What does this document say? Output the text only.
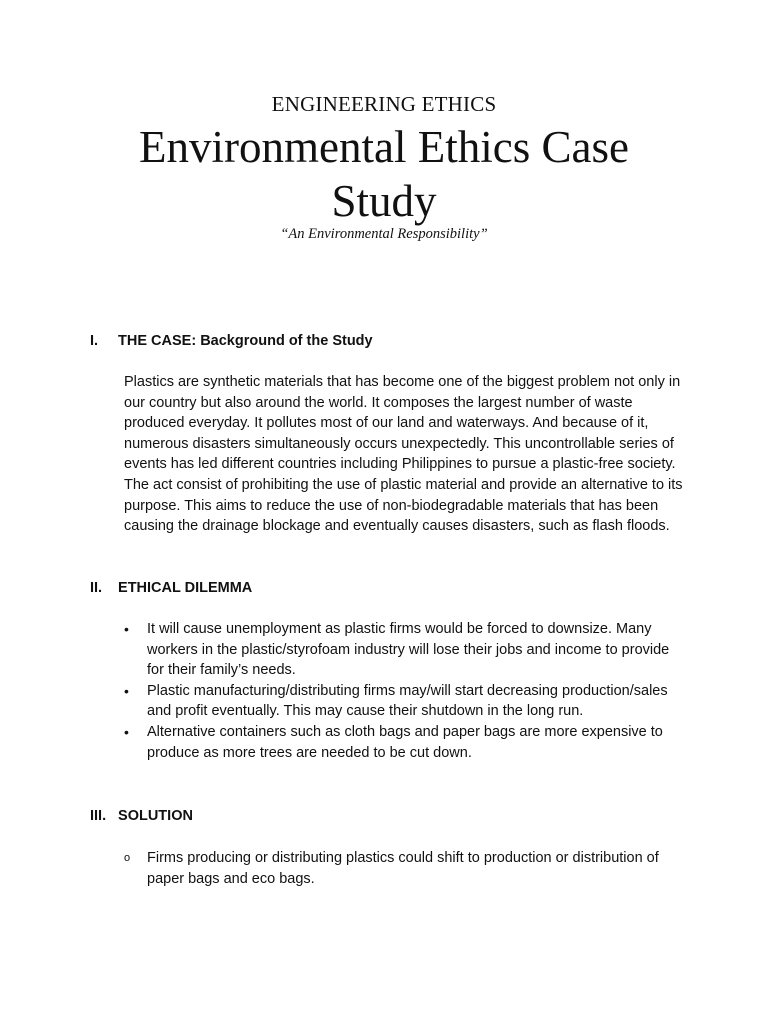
ENGINEERING ETHICS
Environmental Ethics Case
Study
“An Environmental Responsibility”
I. THE CASE: Background of the Study

Plastics are synthetic materials that has become one of the biggest problem not only in our country but also around the world. It composes the largest number of waste produced everyday. It pollutes most of our land and waterways. And because of it, numerous disasters simultaneously occurs unexpectedly. This uncontrollable series of events has led different countries including Philippines to pursue a plastic-free society. The act consist of prohibiting the use of plastic material and provide an alternative to its purpose. This aims to reduce the use of non-biodegradable materials that has been causing the drainage blockage and eventually causes disasters, such as flash floods.

II. ETHICAL DILEMMA
•	It will cause unemployment as plastic firms would be forced to downsize. Many workers in the plastic/styrofoam industry will lose their jobs and income to provide for their family’s needs.
•	Plastic manufacturing/distributing firms may/will start decreasing production/sales and profit eventually. This may cause their shutdown in the long run.
•	Alternative containers such as cloth bags and paper bags are more expensive to produce as more trees are needed to be cut down.
III. SOLUTION
o	Firms producing or distributing plastics could shift to production or distribution of paper bags and eco bags.
